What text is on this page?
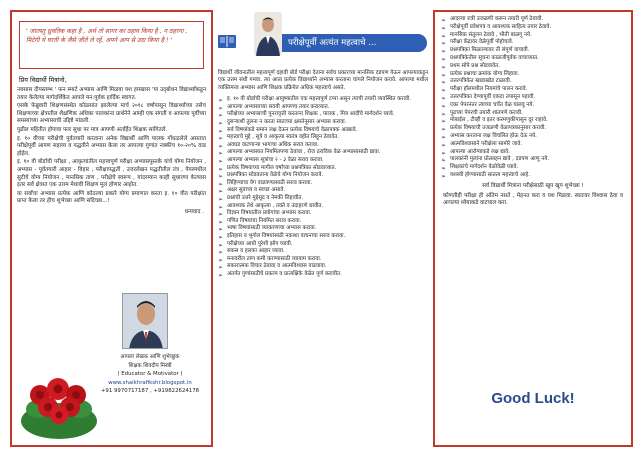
' जातस्तु ध्रुवतिक कहा है , अर्थ तो सागर का ठहाव किया है , न ठहरना , मिटेगी ये घरती के जैसे जीते ले रहें, अपने आप से उदा किया है ! '
प्रिय विद्यार्थी मित्रांनो,
नवसास दीपस्तम्भ ' फन स्मार्ट अभ्यास आणि मिळवा यश हमखास 'या उद्‌बोधन विद्यार्थ्यांकडून तयार केलेल्या मार्गदर्शिकेत आपले मन:पूर्वक हार्दिक स्वागत.
एसके फेब्रुवारी शिक्षणसंस्थेत कोळसांत झालेल्या मार्च २०१८ वर्षापासून विद्यार्थ्यांच्या तसेच शिक्षणाच्या क्षेत्रातील शैक्षणिक अधिका पालकांना प्रार्थनेने आम्ही एक संगती व आपल्या पूर्वीच्या समस्यांच्या अभ्यासाची उद्दिष्टे मांडली.
पुढील महितीत होपावा फार सुधा पर मात्र आपणी अंतर्हित शिक्षक सांगितले.
इ. १० वीच्या परीक्षेची पूर्वतयारी करताना अनेक विद्यार्थी आणि पालक गोंधळलेले असतात परीक्षेपूर्वी आपण सहाय्य व पद्धतीने अभ्यास केला तर आपल्या गुणांत नक्कीच १०-२०% वाढ होईल.
इ. १० वी बोर्डाची परीक्षा , आकृत्यांतील महत्त्वपूर्ण परीक्षा अभ्यासपुस्तके यांचे योग्य नियोजन , अभ्यास - पूर्वतयारी आहार - विहार , परीक्षापद्धती , उत्तरलेखन पद्धतीतील तंत्र , पेपरमधील सुटीचे योग्य नियोजन , मानसिक ताण , परीक्षेचे स्वरूप , यांदरम्यान काही सुधारणा केल्यास इतर सर्व क्षेत्रात एक उत्तम मेधावी शिक्षण मुलं होणार आहोत.
या सर्वांचा अभ्यास प्रत्येक आणि कोठल्या प्रकारे योग्य प्रमाणात करता इ. १० वीत परीक्षांत प्राप्त केला तर हीच शुभेच्छा आणि सदिच्छा...!
धन्यवाद .
आपला लेखक आणि शुभेच्छुक
शिक्षक शिवदीप मिस्त्री
( Educator & Motivator )
www.shaikhrafikshr.blogspot.in
+91 9970717187 , +919822624178
परीक्षेपूर्वी अत्यंत महत्वाचे ...
विद्यार्थी जीवनातील महत्त्वपूर्ण दहावी बोर्ड परीक्षा देताना सर्वच प्रकारच्या मानसिक दडपण येऊन आपल्याकडून एक उत्तम संधी गमवा. त्या आता प्रत्येक विद्यार्थ्याने अभ्यास करताना चांगले नियोजन करावे. आपल्या मधील व्यक्तिमत्त्व अभ्यास आणि शिक्षक प्रक्रियेत अधिक महत्त्वाचे असते.
➢ इ. १० वी बोर्डाची परीक्षा आयुष्यातील एक महत्त्वपूर्ण टप्पा असून त्याची तयारी व्यवस्थित करावी.
➢ आपल्या अभ्यासाच्या सवयी आपणच तयार कराव्यात.
➢ परीक्षेच्या अभ्यासाची पुनरावृत्ती करताना शिक्षक , पालक , मित्र आदींचे मार्गदर्शन घ्यावे.
➢ दुसऱ्याशी तुलना न करता स्वतःच्या क्षमतेनुसार अभ्यास करावा.
➢ सर्व विषयांकडे समान लक्ष देऊन प्रत्येक विषयाचे वेळापत्रक आखावे.
➢ महत्त्वाचे मुद्दे , सूत्रे व आकृत्या स्वतंत्र वहीत लिहून ठेवावेत.
➢ अवघड वाटणाऱ्या भागाचा अधिक सराव करावा.
➢ आपल्या अभ्यासात नियमितपणा ठेवावा , रोज ठराविक वेळ अभ्यासासाठी द्यावा.
➢ आपल्या अभ्यास सूत्रांचा २ - ३ वेळा सराव करावा.
➢ प्रत्येक विषयाच्या मागील वर्षांच्या प्रश्नपत्रिका सोडवाव्यात.
➢ प्रश्नपत्रिका सोडवताना वेळेचे योग्य नियोजन करावे.
➢ लिहिण्याचा वेग वाढवण्यासाठी सराव करावा.
➢ अक्षर सुवाच्य व स्वच्छ असावे.
➢ प्रश्नांची उत्तरे मुद्देसूद व नेमकी लिहावीत.
➢ आवश्यक तेथे आकृत्या , तक्ते व उदाहरणे द्यावीत.
➢ विज्ञान विषयातील प्रयोगांचा अभ्यास करावा.
➢ गणित विषयाचा नियमित सराव करावा.
➢ भाषा विषयांसाठी व्याकरणाचा अभ्यास करावा.
➢ इतिहास व भूगोल विषयांसाठी नकाशा वाचनाचा सराव करावा.
➢ परीक्षेच्या आधी पुरेशी झोप घ्यावी.
➢ सकस व हलका आहार घ्यावा.
➢ मनावरील ताण कमी करण्यासाठी व्यायाम करावा.
➢ सकारात्मक विचार ठेवावा व आत्मविश्वास वाढवावा.
➢ अंतर्गत गुणांसाठीचे प्रकल्प व प्रात्यक्षिके वेळेत पूर्ण करावीत.
➢ आदल्या रात्री उजळणी करून तयारी पूर्ण ठेवावी.
➢ परीक्षेपूर्वी प्रवेशपत्र व आवश्यक साहित्य तयार ठेवावे.
➢ मानसिक संतुलन ठेवावे , भीती बाळगू नये.
➢ परीक्षा केंद्रावर वेळेपूर्वी पोहोचावे.
➢ प्रश्नपत्रिका मिळाल्यावर ती संपूर्ण वाचावी.
➢ प्रश्नपत्रिकेतील सूचना काळजीपूर्वक वाचाव्यात.
➢ प्रथम सोपे प्रश्न सोडवावेत.
➢ प्रत्येक प्रश्नाचा क्रमांक योग्य लिहावा.
➢ उत्तरपत्रिकेत खाडाखोड टाळावी.
➢ परीक्षा हॉलमधील नियमांचे पालन करावे.
➢ उत्तरपत्रिका देण्यापूर्वी एकदा तपासून पहावी.
➢ एका पेपरनंतर त्याच्या चर्चेत वेळ घालवू नये.
➢ पुढच्या पेपरची तयारी शांतपणे करावी.
➢ मोबाईल , टीव्ही व इतर करमणुकीपासून दूर राहावे.
➢ प्रत्येक विषयाची उजळणी वेळापत्रकानुसार करावी.
➢ अभ्यास करताना लक्ष विचलित होऊ देऊ नये.
➢ आत्मविश्वासाने परीक्षेला सामोरे जावे.
➢ आपल्या आरोग्याकडे लक्ष द्यावे.
➢ पालकांनी मुलांना प्रोत्साहन द्यावे , दडपण आणू नये.
➢ शिक्षकांचे मार्गदर्शन वेळोवेळी घ्यावे.
➢ यशस्वी होण्यासाठी सातत्य महत्त्वाचे आहे.
सर्व विद्यार्थी मित्रांना परीक्षेसाठी खूप खूप शुभेच्छा !
कोणतीही परीक्षा ही अंतिम नसते , मेहनत करा व यश मिळवा. स्वतःवर विश्वास ठेवा व आपल्या ध्येयाकडे वाटचाल करा.
Good Luck!
